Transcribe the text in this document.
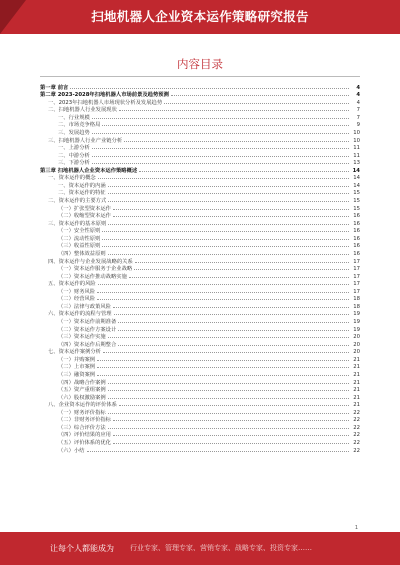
扫地机器人企业资本运作策略研究报告
内容目录
第一章 前言	4
第二章 2023-2028年扫地机器人市场前景及趋势预测	4
一、2023年扫地机器人市场现状分析及发展趋势	4
二、扫地机器人行业发展现状	7
一、行业规模	7
二、市场竞争格局	9
三、发展趋势	10
三、扫地机器人行业产业链分析	10
一、上游分析	11
二、中游分析	11
三、下游分析	13
第三章 扫地机器人企业资本运作策略概述	14
一、资本运作的概念	14
一、资本运作的内涵	14
二、资本运作的特征	15
二、资本运作的主要方式	15
（一）扩张型资本运作	15
（二）收缩型资本运作	16
三、资本运作的基本原则	16
（一）安全性原则	16
（二）流动性原则	16
（三）收益性原则	16
（四）整体效益原则	16
四、资本运作与企业发展战略的关系	17
（一）资本运作服务于企业战略	17
（二）资本运作推动战略实施	17
五、资本运作的风险	17
（一）财务风险	17
（二）经营风险	18
（三）法律与政策风险	18
六、资本运作的流程与管理	19
（一）资本运作前期准备	19
（二）资本运作方案设计	19
（三）资本运作实施	20
（四）资本运作后期整合	20
七、资本运作案例分析	20
（一）并购案例	21
（二）上市案例	21
（三）融资案例	21
（四）战略合作案例	21
（五）资产重组案例	21
（六）股权激励案例	21
八、企业资本运作的评价体系	21
（一）财务评价指标	22
（二）非财务评价指标	22
（三）综合评价方法	22
（四）评价结果的应用	22
（五）评价体系的优化	22
（六）小结	22
1
让每个人都能成为 行业专家、管理专家、营销专家、战略专家、投资专家……
